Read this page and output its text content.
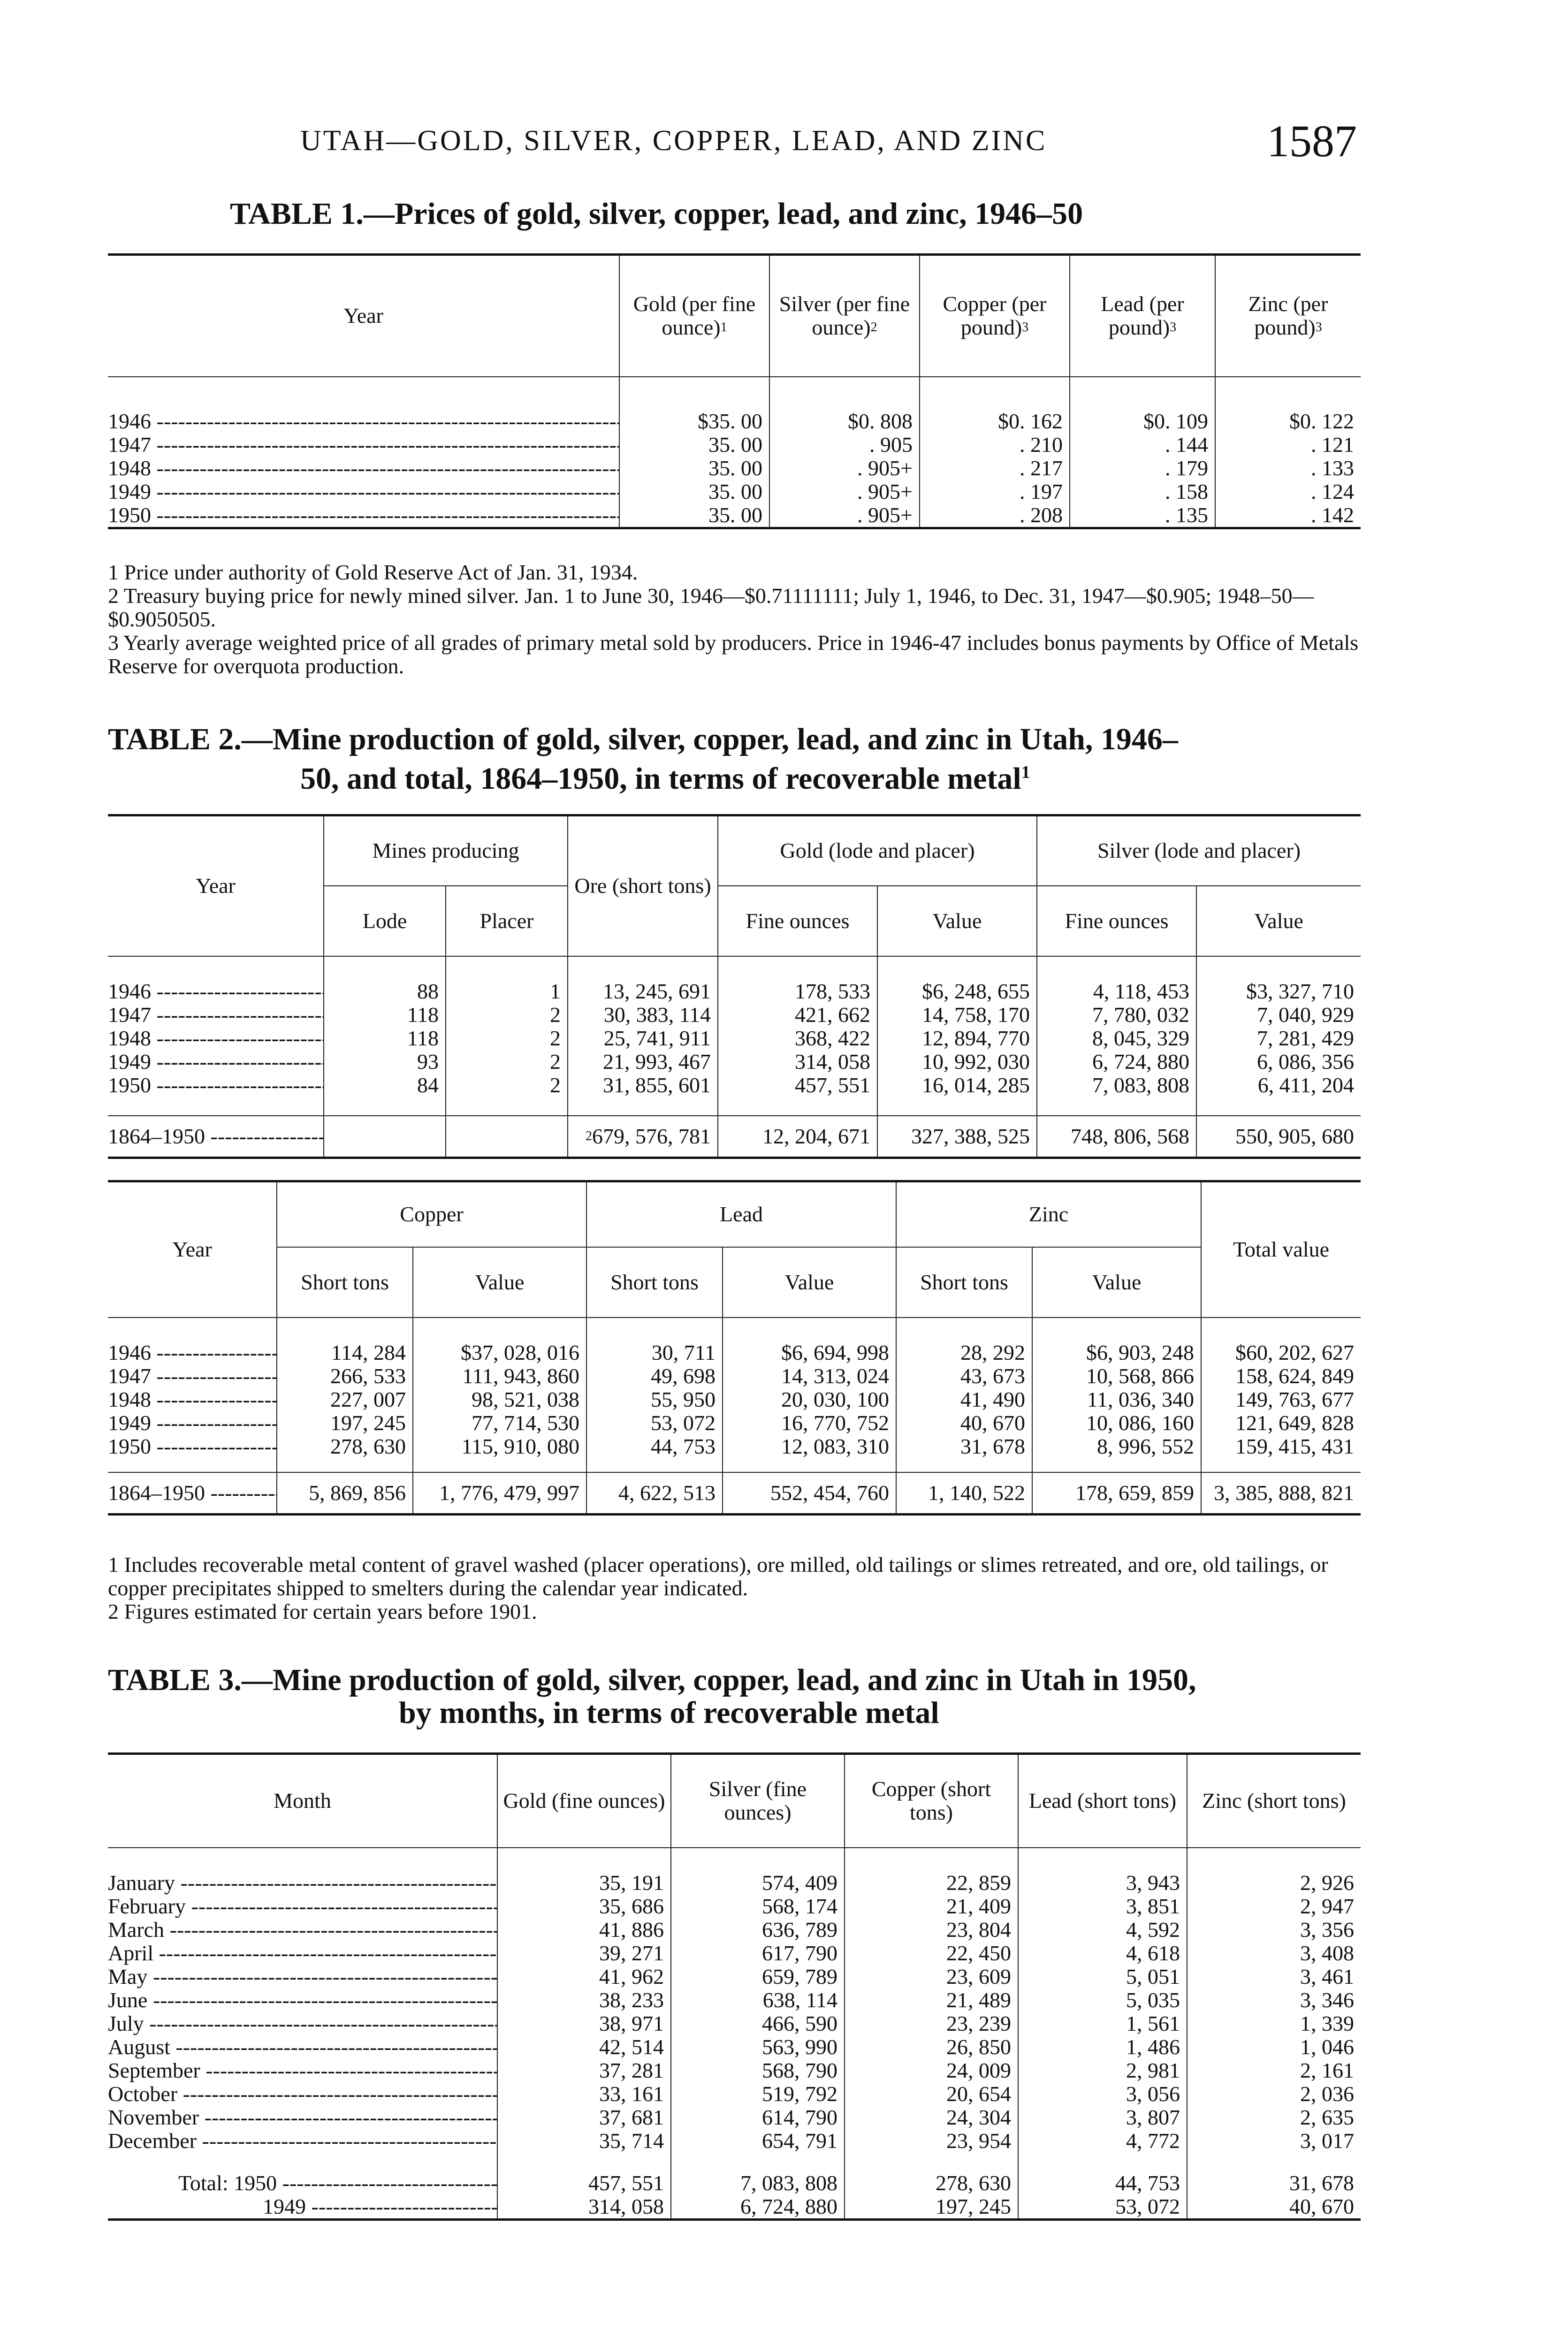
UTAH—GOLD, SILVER, COPPER, LEAD, AND ZINC	1587
TABLE 1.—Prices of gold, silver, copper, lead, and zinc, 1946–50
Year	Gold (per fine ounce)$^1$	Silver (per fine ounce)$^2$	Copper (per pound)$^3$	Lead (per pound)$^3$	Zinc (per pound)$^3$

1946 -----	$35. 00	$0. 808	$0. 162	$0. 109	$0. 122
1947 -----	35. 00	. 905	. 210	. 144	. 121
1948 -----	35. 00	. 905+	. 217	. 179	. 133
1949 -----	35. 00	. 905+	. 197	. 158	. 124
1950 -----	35. 00	. 905+	. 208	. 135	. 142
1 Price under authority of Gold Reserve Act of Jan. 31, 1934.
2 Treasury buying price for newly mined silver. Jan. 1 to June 30, 1946—$0.71111111; July 1, 1946, to Dec. 31, 1947—$0.905; 1948–50—$0.9050505.
3 Yearly average weighted price of all grades of primary metal sold by producers. Price in 1946-47 includes bonus payments by Office of Metals Reserve for overquota production.
TABLE 2.—Mine production of gold, silver, copper, lead, and zinc in Utah, 1946–
50, and total, 1864–1950, in terms of recoverable metal$^1$
Year	Mines producing		Ore (short tons)	Gold (lode and placer)		Silver (lode and placer)	
	Lode	Placer		Fine ounces	Value	Fine ounces	Value

1946 -----	88	1	13, 245, 691	178, 533	$6, 248, 655	4, 118, 453	$3, 327, 710
1947 -----	118	2	30, 383, 114	421, 662	14, 758, 170	7, 780, 032	7, 040, 929
1948 -----	118	2	25, 741, 911	368, 422	12, 894, 770	8, 045, 329	7, 281, 429
1949 -----	93	2	21, 993, 467	314, 058	10, 992, 030	6, 724, 880	6, 086, 356
1950 -----	84	2	31, 855, 601	457, 551	16, 014, 285	7, 083, 808	6, 411, 204

1864–1950 -----			$^2$679, 576, 781	12, 204, 671	327, 388, 525	748, 806, 568	550, 905, 680
Year	Copper		Lead		Zinc		Total value
	Short tons	Value	Short tons	Value	Short tons	Value	

1946 -----	114, 284	$37, 028, 016	30, 711	$6, 694, 998	28, 292	$6, 903, 248	$60, 202, 627
1947 -----	266, 533	111, 943, 860	49, 698	14, 313, 024	43, 673	10, 568, 866	158, 624, 849
1948 -----	227, 007	98, 521, 038	55, 950	20, 030, 100	41, 490	11, 036, 340	149, 763, 677
1949 -----	197, 245	77, 714, 530	53, 072	16, 770, 752	40, 670	10, 086, 160	121, 649, 828
1950 -----	278, 630	115, 910, 080	44, 753	12, 083, 310	31, 678	8, 996, 552	159, 415, 431

1864–1950 -----	5, 869, 856	1, 776, 479, 997	4, 622, 513	552, 454, 760	1, 140, 522	178, 659, 859	3, 385, 888, 821
1 Includes recoverable metal content of gravel washed (placer operations), ore milled, old tailings or slimes retreated, and ore, old tailings, or copper precipitates shipped to smelters during the calendar year indicated.
2 Figures estimated for certain years before 1901.
TABLE 3.—Mine production of gold, silver, copper, lead, and zinc in Utah in 1950,
by months, in terms of recoverable metal
Month	Gold (fine ounces)	Silver (fine ounces)	Copper (short tons)	Lead (short tons)	Zinc (short tons)

January -----	35, 191	574, 409	22, 859	3, 943	2, 926
February -----	35, 686	568, 174	21, 409	3, 851	2, 947
March -----	41, 886	636, 789	23, 804	4, 592	3, 356
April -----	39, 271	617, 790	22, 450	4, 618	3, 408
May -----	41, 962	659, 789	23, 609	5, 051	3, 461
June -----	38, 233	638, 114	21, 489	5, 035	3, 346
July -----	38, 971	466, 590	23, 239	1, 561	1, 339
August -----	42, 514	563, 990	26, 850	1, 486	1, 046
September -----	37, 281	568, 790	24, 009	2, 981	2, 161
October -----	33, 161	519, 792	20, 654	3, 056	2, 036
November -----	37, 681	614, 790	24, 304	3, 807	2, 635
December -----	35, 714	654, 791	23, 954	4, 772	3, 017

Total: 1950 -----	457, 551	7, 083, 808	278, 630	44, 753	31, 678
1949 -----	314, 058	6, 724, 880	197, 245	53, 072	40, 670
